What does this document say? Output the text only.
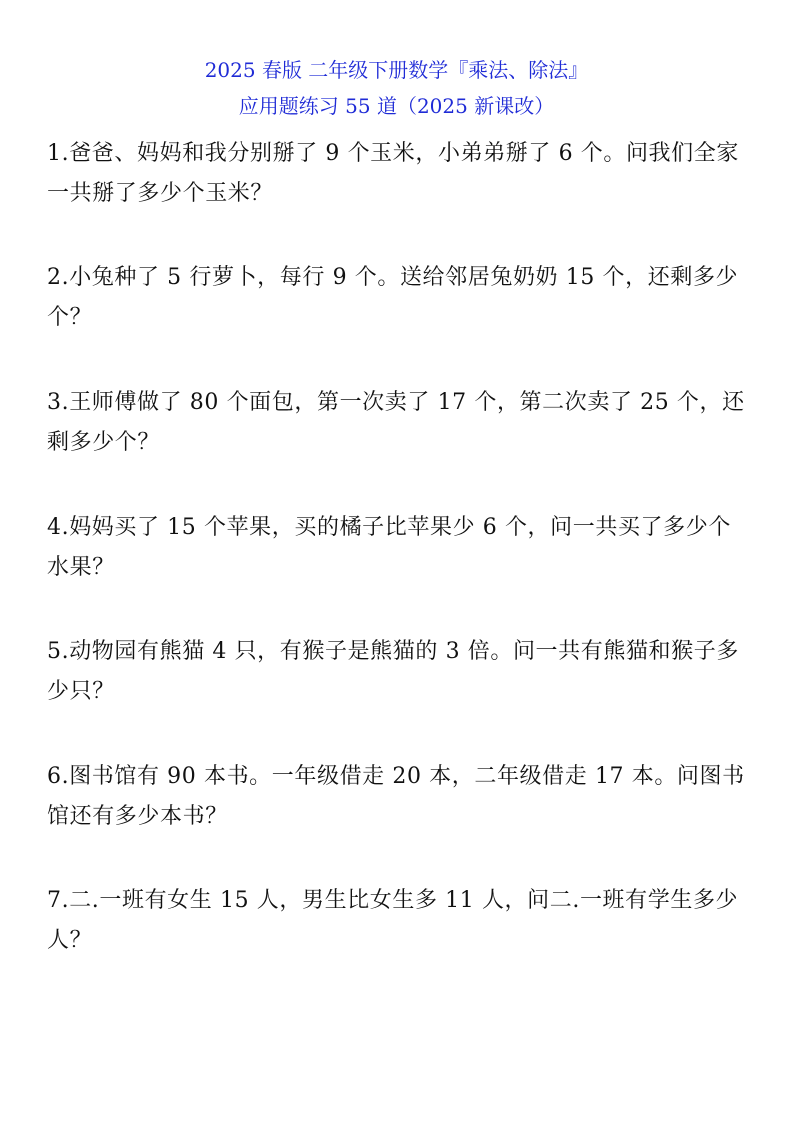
2025 春版 二年级下册数学『乘法、除法』
应用题练习 55 道（2025 新课改）
1.爸爸、妈妈和我分别掰了 9 个玉米，小弟弟掰了 6 个。问我们全家一共掰了多少个玉米？
2.小兔种了 5 行萝卜，每行 9 个。送给邻居兔奶奶 15 个，还剩多少个？
3.王师傅做了 80 个面包，第一次卖了 17 个，第二次卖了 25 个，还剩多少个？
4.妈妈买了 15 个苹果，买的橘子比苹果少 6 个，问一共买了多少个水果？
5.动物园有熊猫 4 只，有猴子是熊猫的 3 倍。问一共有熊猫和猴子多少只？
6.图书馆有 90 本书。一年级借走 20 本，二年级借走 17 本。问图书馆还有多少本书？
7.二.一班有女生 15 人，男生比女生多 11 人，问二.一班有学生多少人？
